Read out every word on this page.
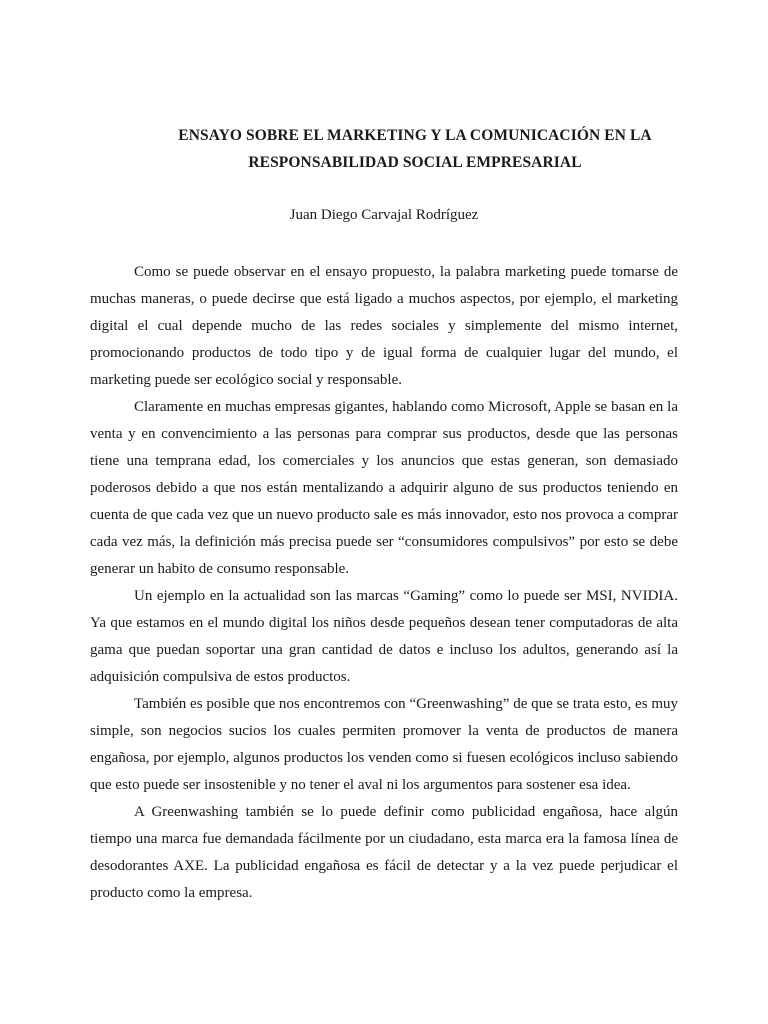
ENSAYO SOBRE EL MARKETING Y LA COMUNICACIÓN EN LA
RESPONSABILIDAD SOCIAL EMPRESARIAL
Juan Diego Carvajal Rodríguez

Como se puede observar en el ensayo propuesto, la palabra marketing puede tomarse de muchas maneras, o puede decirse que está ligado a muchos aspectos, por ejemplo, el marketing digital el cual depende mucho de las redes sociales y simplemente del mismo internet, promocionando productos de todo tipo y de igual forma de cualquier lugar del mundo, el marketing puede ser ecológico social y responsable.

Claramente en muchas empresas gigantes, hablando como Microsoft, Apple se basan en la venta y en convencimiento a las personas para comprar sus productos, desde que las personas tiene una temprana edad, los comerciales y los anuncios que estas generan, son demasiado poderosos debido a que nos están mentalizando a adquirir alguno de sus productos teniendo en cuenta de que cada vez que un nuevo producto sale es más innovador, esto nos provoca a comprar cada vez más, la definición más precisa puede ser “consumidores compulsivos” por esto se debe generar un habito de consumo responsable.

Un ejemplo en la actualidad son las marcas “Gaming” como lo puede ser MSI, NVIDIA. Ya que estamos en el mundo digital los niños desde pequeños desean tener computadoras de alta gama que puedan soportar una gran cantidad de datos e incluso los adultos, generando así la adquisición compulsiva de estos productos.

También es posible que nos encontremos con “Greenwashing” de que se trata esto, es muy simple, son negocios sucios los cuales permiten promover la venta de productos de manera engañosa, por ejemplo, algunos productos los venden como si fuesen ecológicos incluso sabiendo que esto puede ser insostenible y no tener el aval ni los argumentos para sostener esa idea.

A Greenwashing también se lo puede definir como publicidad engañosa, hace algún tiempo una marca fue demandada fácilmente por un ciudadano, esta marca era la famosa línea de desodorantes AXE. La publicidad engañosa es fácil de detectar y a la vez puede perjudicar el producto como la empresa.
